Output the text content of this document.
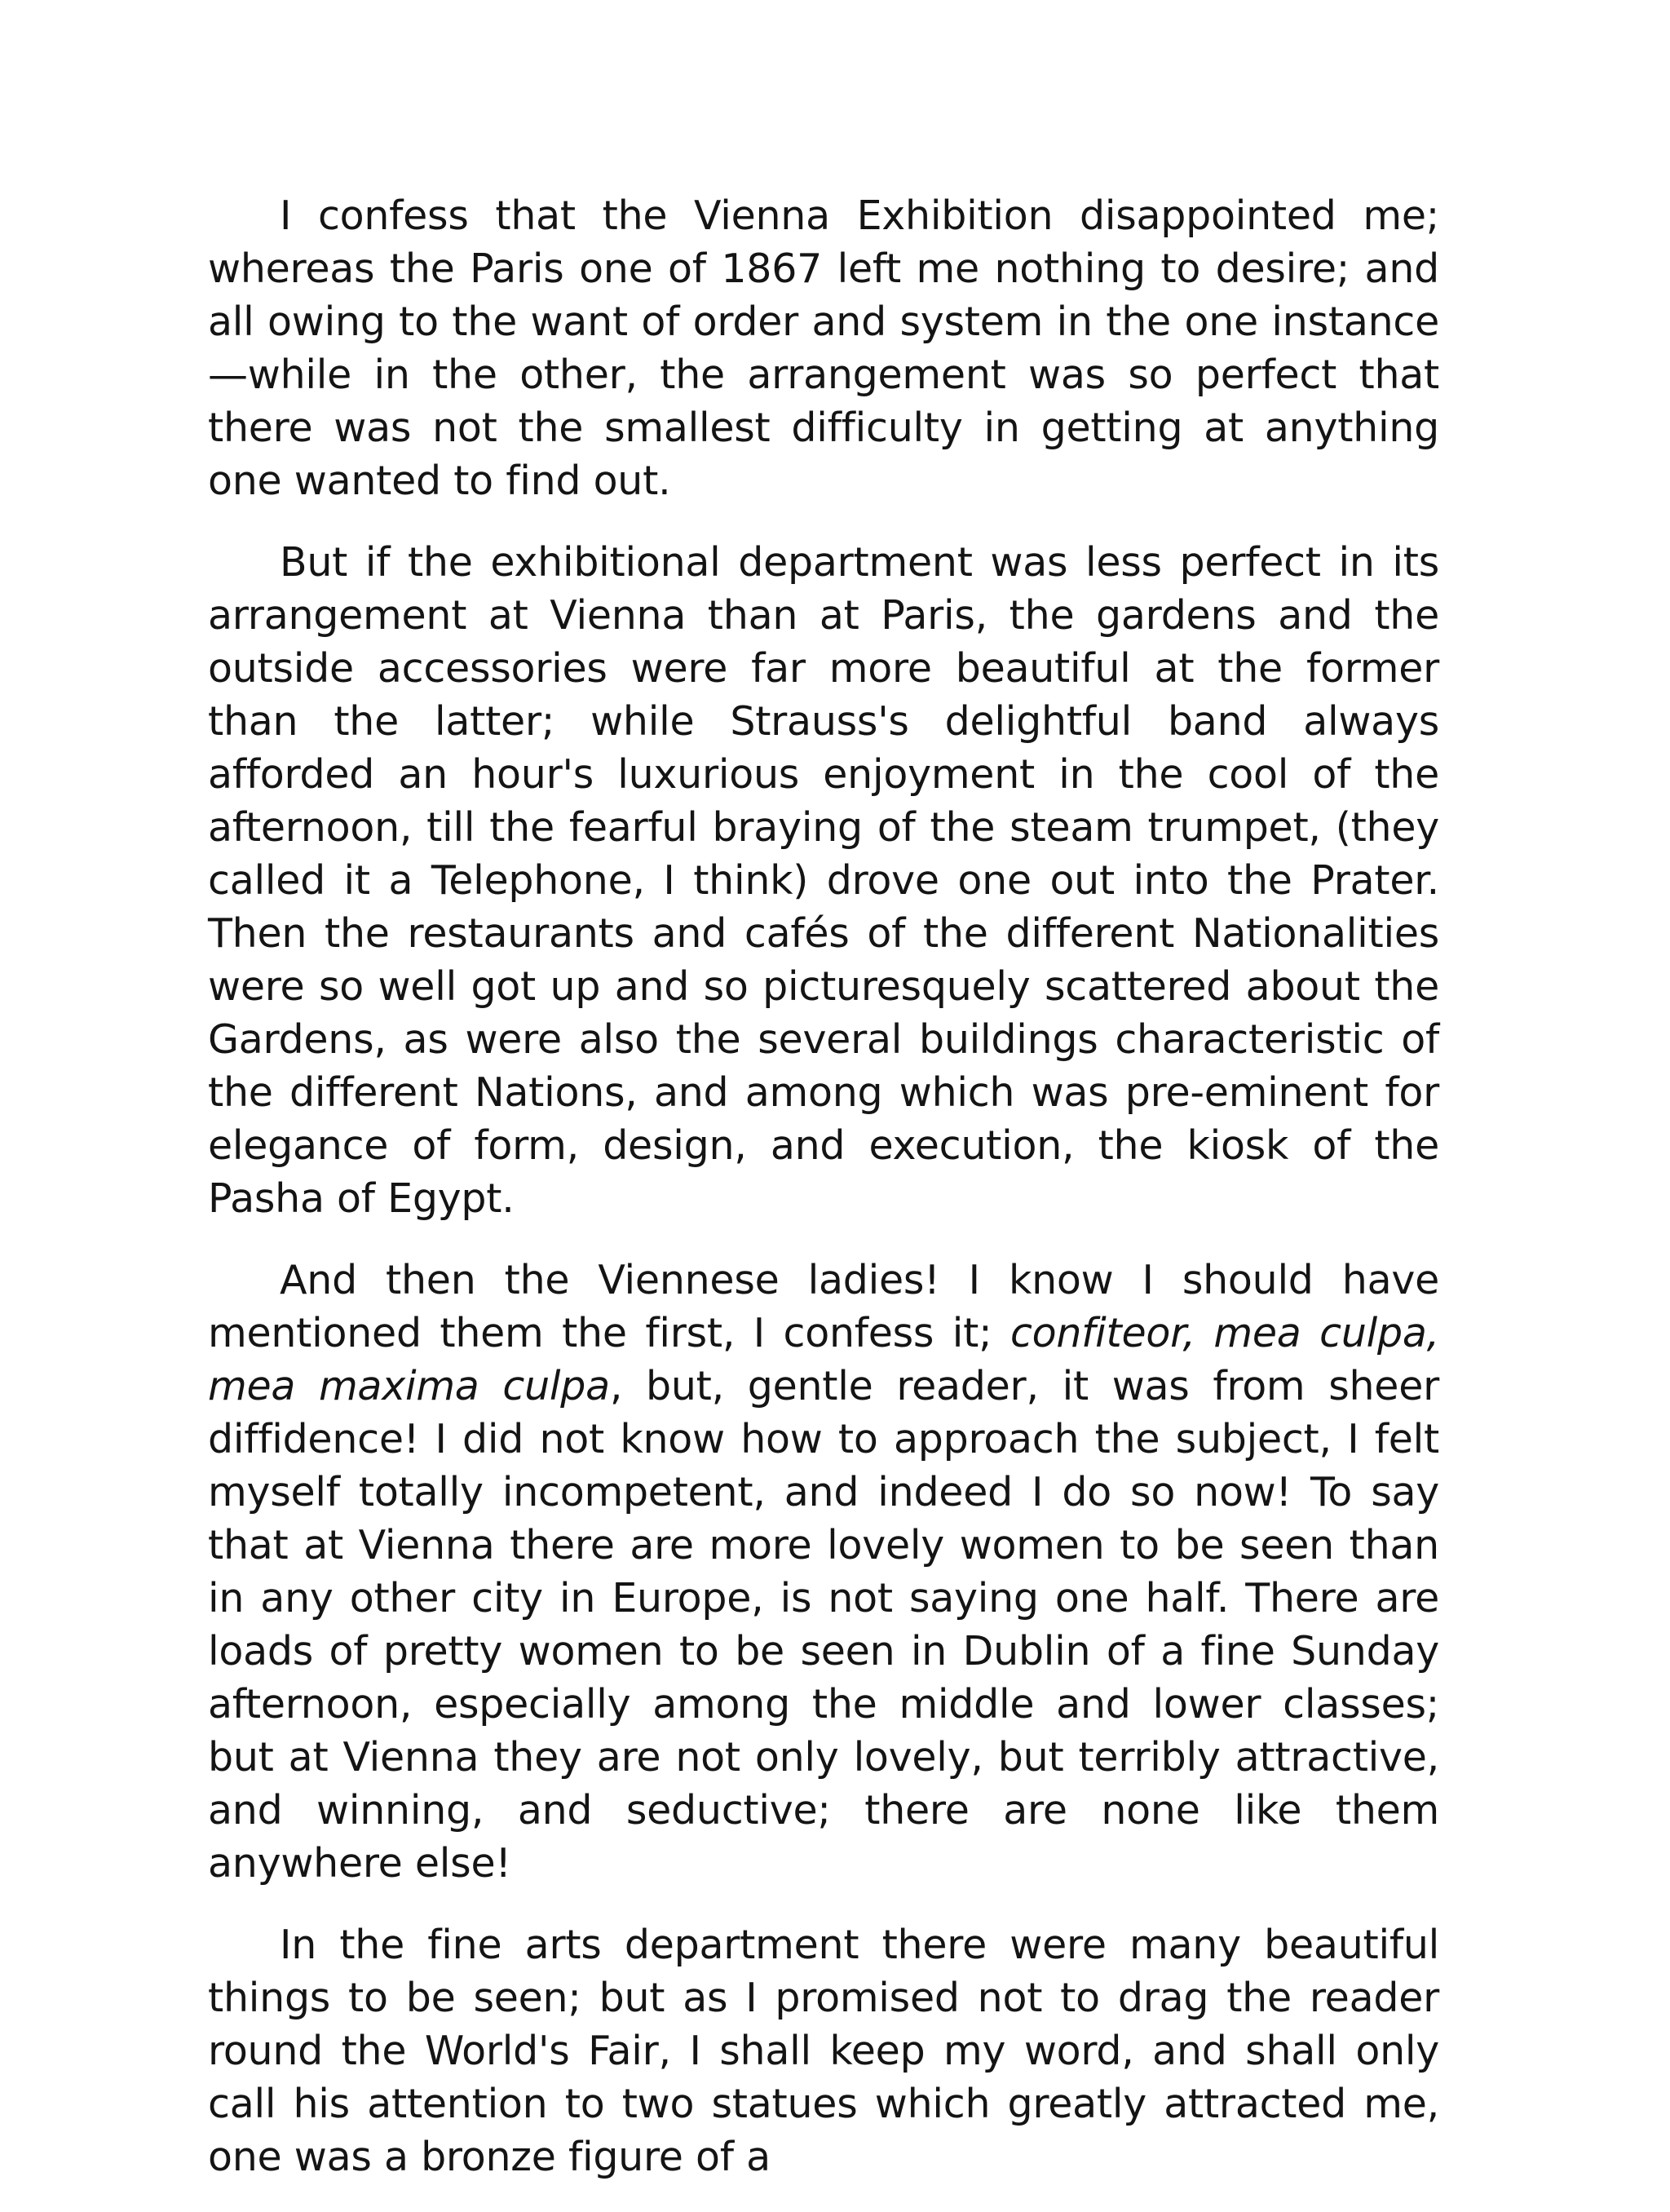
I confess that the Vienna Exhibition disappointed me; whereas the Paris one of 1867 left me nothing to desire; and all owing to the want of order and system in the one instance—while in the other, the arrangement was so perfect that there was not the smallest difficulty in getting at anything one wanted to find out.

But if the exhibitional department was less perfect in its arrangement at Vienna than at Paris, the gardens and the outside accessories were far more beautiful at the former than the latter; while Strauss's delightful band always afforded an hour's luxurious enjoyment in the cool of the afternoon, till the fearful braying of the steam trumpet, (they called it a Telephone, I think) drove one out into the Prater. Then the restaurants and cafés of the different Nationalities were so well got up and so picturesquely scattered about the Gardens, as were also the several buildings characteristic of the different Nations, and among which was pre-eminent for elegance of form, design, and execution, the kiosk of the Pasha of Egypt.

And then the Viennese ladies! I know I should have mentioned them the first, I confess it; confiteor, mea culpa, mea maxima culpa, but, gentle reader, it was from sheer diffidence! I did not know how to approach the subject, I felt myself totally incompetent, and indeed I do so now! To say that at Vienna there are more lovely women to be seen than in any other city in Europe, is not saying one half. There are loads of pretty women to be seen in Dublin of a fine Sunday afternoon, especially among the middle and lower classes; but at Vienna they are not only lovely, but terribly attractive, and winning, and seductive; there are none like them anywhere else!

In the fine arts department there were many beautiful things to be seen; but as I promised not to drag the reader round the World's Fair, I shall keep my word, and shall only call his attention to two statues which greatly attracted me, one was a bronze figure of a
